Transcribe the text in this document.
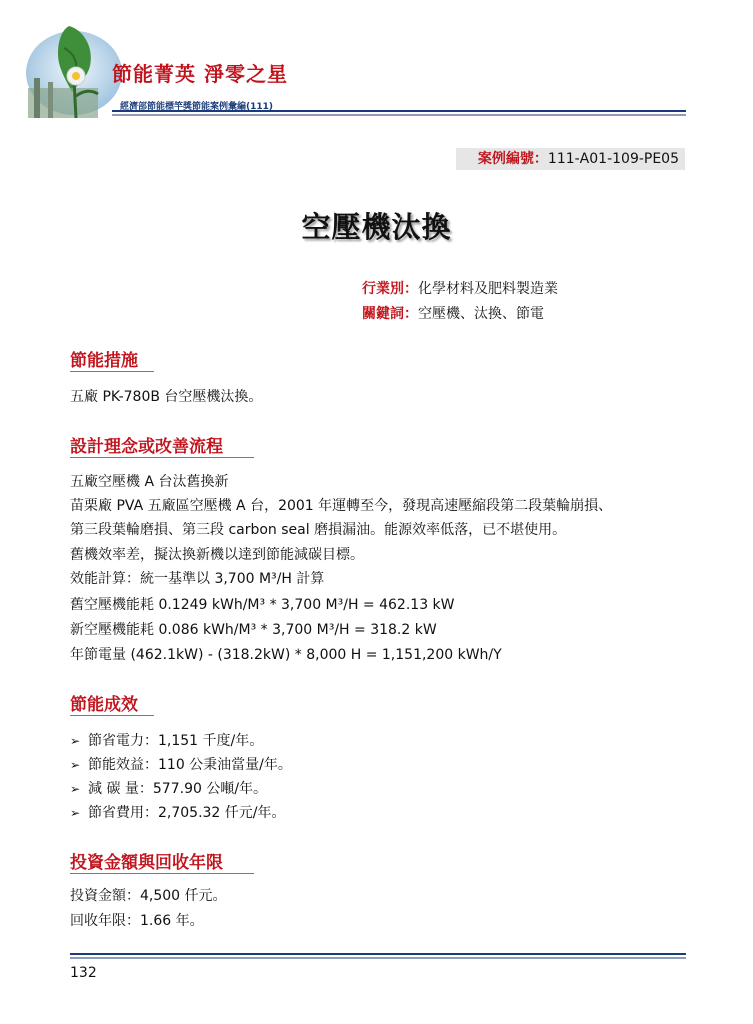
節能菁英 淨零之星
經濟部節能標竿獎節能案例彙編(111)
案例編號：111-A01-109-PE05
空壓機汰換
行業別：化學材料及肥料製造業
關鍵詞：空壓機、汰換、節電
節能措施
五廠 PK-780B 台空壓機汰換。
設計理念或改善流程
五廠空壓機 A 台汰舊換新
苗栗廠 PVA 五廠區空壓機 A 台，2001 年運轉至今，發現高速壓縮段第二段葉輪崩損、
第三段葉輪磨損、第三段 carbon seal 磨損漏油。能源效率低落，已不堪使用。
舊機效率差，擬汰換新機以達到節能減碳目標。
效能計算：統一基準以 3,700 M³/H 計算
舊空壓機能耗 0.1249 kWh/M³ * 3,700 M³/H = 462.13 kW
新空壓機能耗 0.086 kWh/M³ * 3,700 M³/H = 318.2 kW
年節電量 (462.1kW) - (318.2kW) * 8,000 H = 1,151,200 kWh/Y
節能成效
➢ 節省電力：1,151 千度/年。
➢ 節能效益：110 公秉油當量/年。
➢ 減 碳 量：577.90 公噸/年。
➢ 節省費用：2,705.32 仟元/年。
投資金額與回收年限
投資金額：4,500 仟元。
回收年限：1.66 年。
132
